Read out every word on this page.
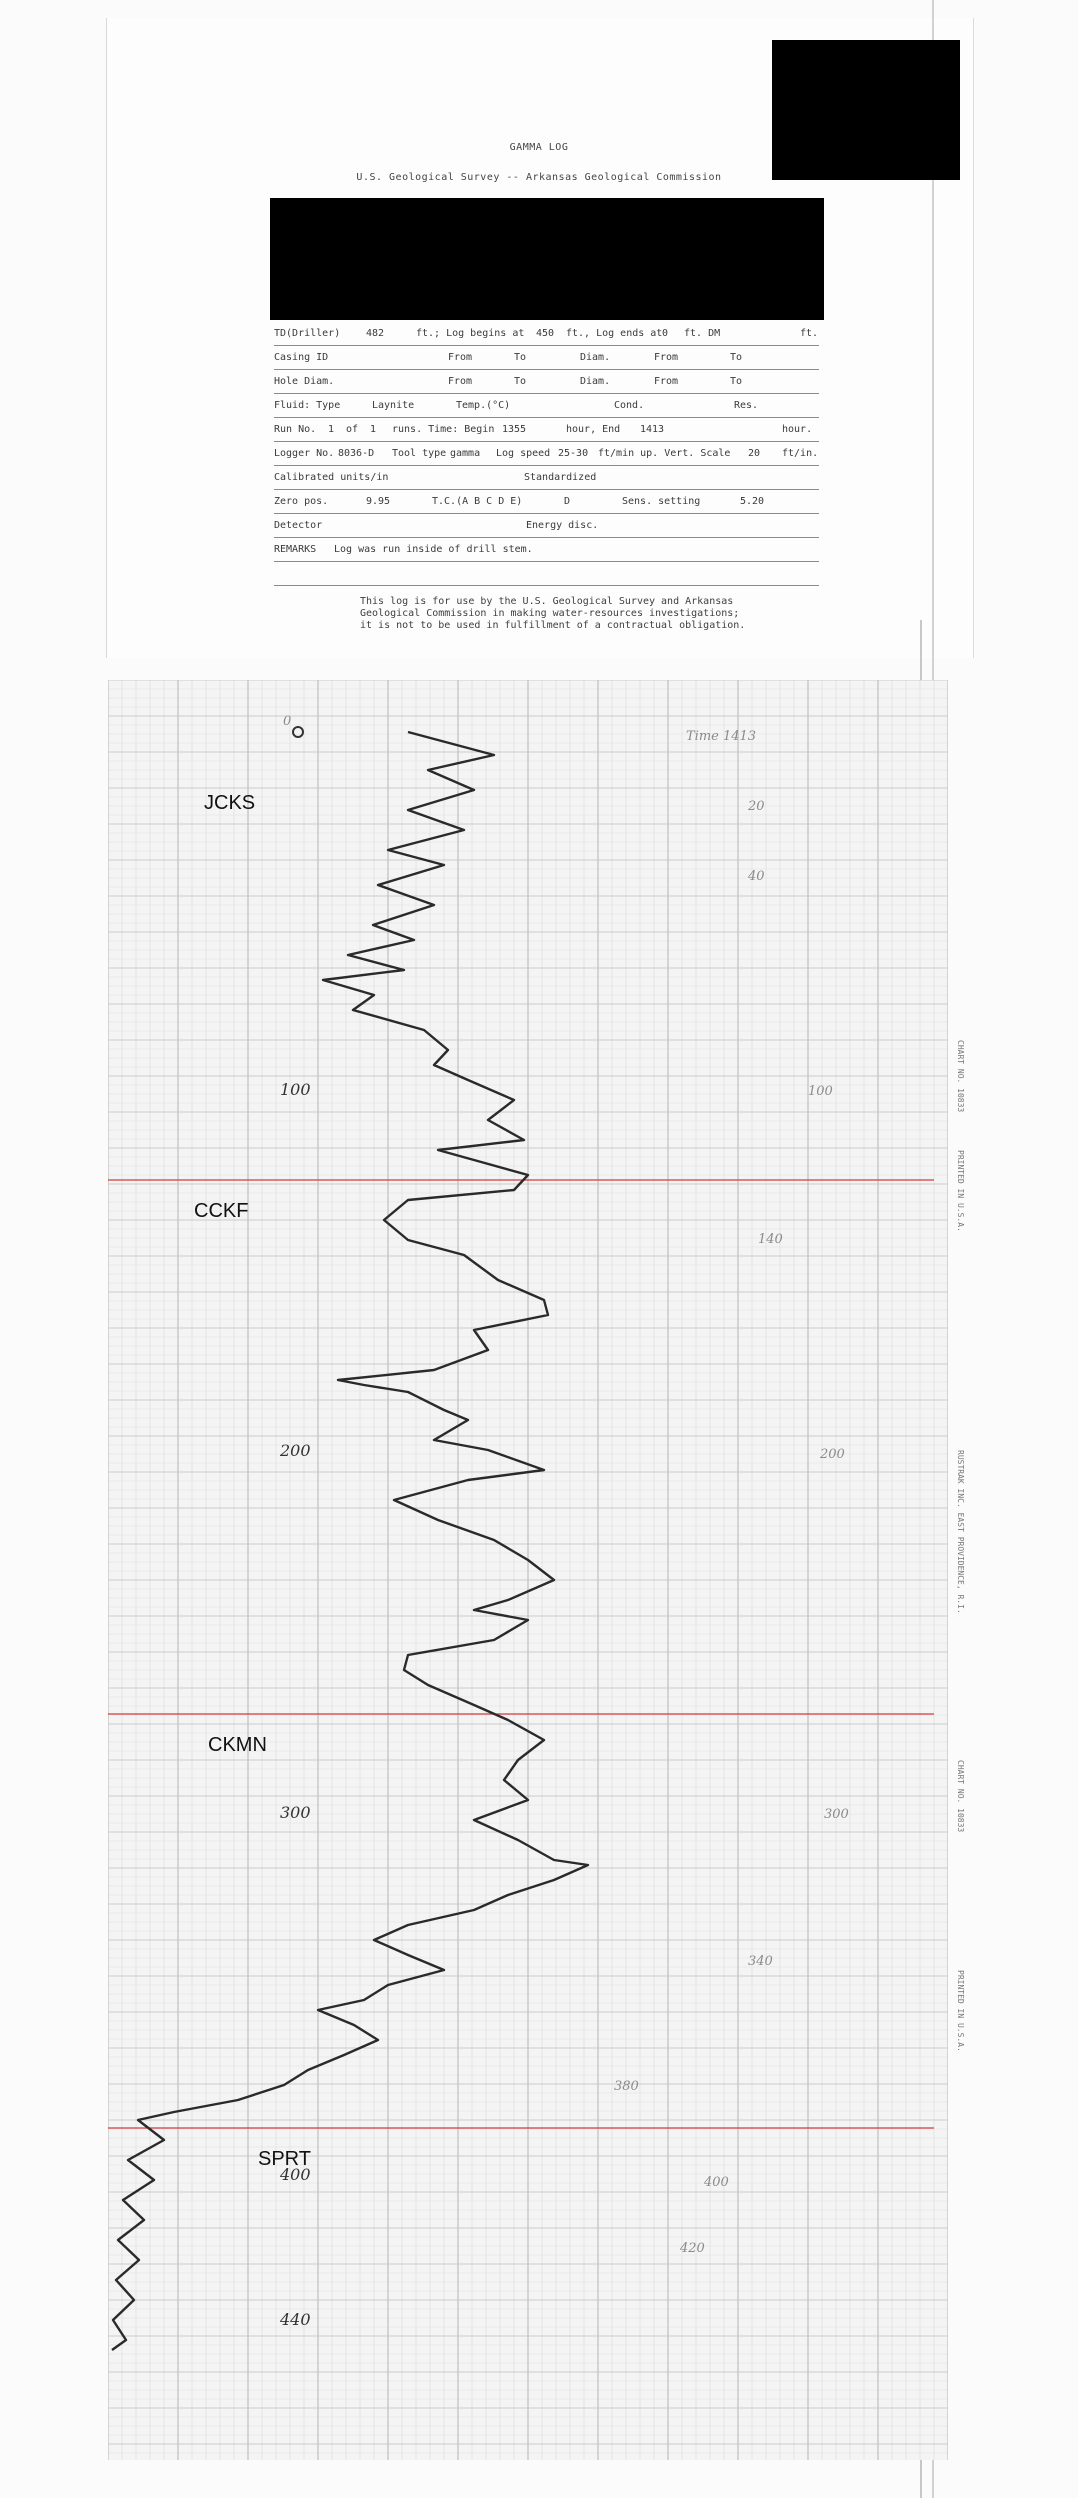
GAMMA LOG
U.S. Geological Survey -- Arkansas Geological Commission
TD(Driller)	482	ft.; Log begins at 450 ft., Log ends at 0 ft. DM	ft.
Casing ID	From	To	Diam.	From	To
Hole Diam.	From	To	Diam.	From	To
Fluid: Type	Laynite	Temp.(°C)	Cond.	Res.
Run No. 1 of 1 runs. Time: Begin 1355	hour, End 1413	hour.
Logger No. 8036-D Tool type gamma Log speed 25-30 ft/min up. Vert. Scale 20 ft/in.
Calibrated units/in	Standardized
Zero pos.	9.95	T.C.(A B C D E)	D	Sens. setting	5.20
Detector	Energy disc.
REMARKS Log was run inside of drill stem.
This log is for use by the U.S. Geological Survey and Arkansas
Geological Commission in making water-resources investigations;
it is not to be used in fulfillment of a contractual obligation.
0
Time 1413
100
200
300
400
440
20
40
100
140
200
300
340
400
420
380
JCKS
CCKF
CKMN
SPRT
CHART NO. 10833
PRINTED IN U.S.A.
RUSTRAK INC. EAST PROVIDENCE, R.I.
CHART NO. 10833
PRINTED IN U.S.A.
